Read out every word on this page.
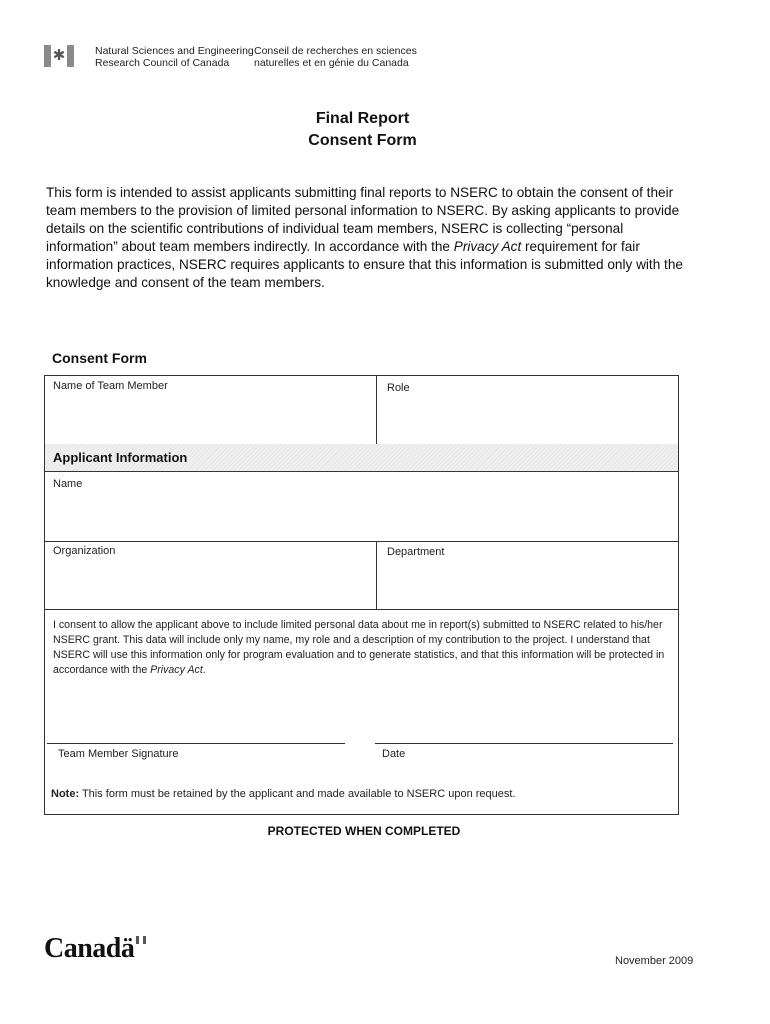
✱	Natural Sciences and Engineering
Research Council of Canada
Conseil de recherches en sciences
naturelles et en génie du Canada
Final Report
Consent Form
This form is intended to assist applicants submitting final reports to NSERC to obtain the consent of their team members to the provision of limited personal information to NSERC. By asking applicants to provide details on the scientific contributions of individual team members, NSERC is collecting “personal information” about team members indirectly. In accordance with the Privacy Act requirement for fair information practices, NSERC requires applicants to ensure that this information is submitted only with the knowledge and consent of the team members.
Consent Form
Name of Team Member	Role
Applicant Information
Name
Organization	Department
I consent to allow the applicant above to include limited personal data about me in report(s) submitted to NSERC related to his/her NSERC grant. This data will include only my name, my role and a description of my contribution to the project. I understand that NSERC will use this information only for program evaluation and to generate statistics, and that this information will be protected in accordance with the Privacy Act.
Team Member Signature	Date
Note: This form must be retained by the applicant and made available to NSERC upon request.
PROTECTED WHEN COMPLETED
Canadä	November 2009
